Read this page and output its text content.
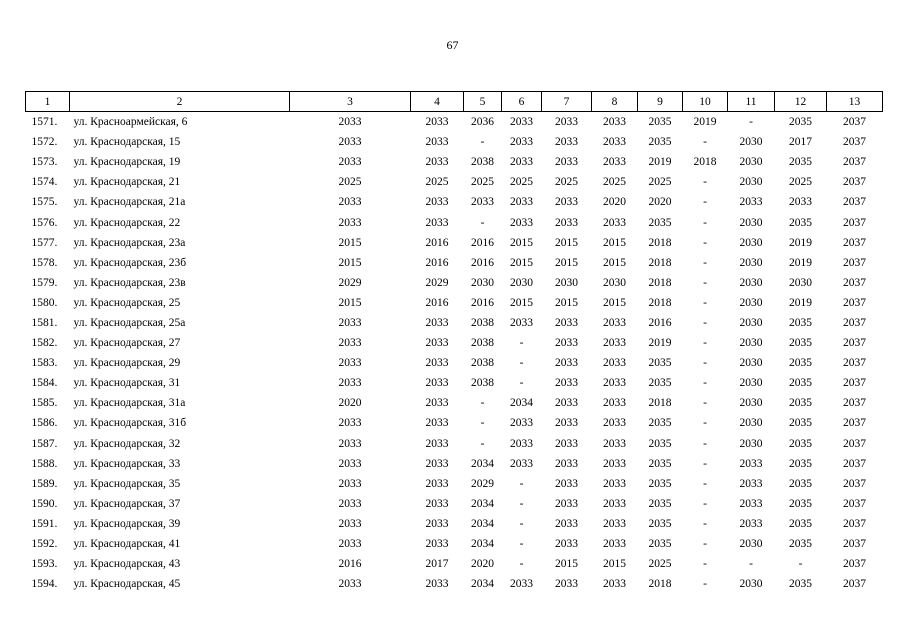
67
1	2	3	4	5	6	7	8	9	10	11	12	13
1571.	ул. Красноармейская, 6	2033	2033	2036	2033	2033	2033	2035	2019	-	2035	2037
1572.	ул. Краснодарская, 15	2033	2033	-	2033	2033	2033	2035	-	2030	2017	2037
1573.	ул. Краснодарская, 19	2033	2033	2038	2033	2033	2033	2019	2018	2030	2035	2037
1574.	ул. Краснодарская, 21	2025	2025	2025	2025	2025	2025	2025	-	2030	2025	2037
1575.	ул. Краснодарская, 21а	2033	2033	2033	2033	2033	2020	2020	-	2033	2033	2037
1576.	ул. Краснодарская, 22	2033	2033	-	2033	2033	2033	2035	-	2030	2035	2037
1577.	ул. Краснодарская, 23а	2015	2016	2016	2015	2015	2015	2018	-	2030	2019	2037
1578.	ул. Краснодарская, 23б	2015	2016	2016	2015	2015	2015	2018	-	2030	2019	2037
1579.	ул. Краснодарская, 23в	2029	2029	2030	2030	2030	2030	2018	-	2030	2030	2037
1580.	ул. Краснодарская, 25	2015	2016	2016	2015	2015	2015	2018	-	2030	2019	2037
1581.	ул. Краснодарская, 25а	2033	2033	2038	2033	2033	2033	2016	-	2030	2035	2037
1582.	ул. Краснодарская, 27	2033	2033	2038	-	2033	2033	2019	-	2030	2035	2037
1583.	ул. Краснодарская, 29	2033	2033	2038	-	2033	2033	2035	-	2030	2035	2037
1584.	ул. Краснодарская, 31	2033	2033	2038	-	2033	2033	2035	-	2030	2035	2037
1585.	ул. Краснодарская, 31а	2020	2033	-	2034	2033	2033	2018	-	2030	2035	2037
1586.	ул. Краснодарская, 31б	2033	2033	-	2033	2033	2033	2035	-	2030	2035	2037
1587.	ул. Краснодарская, 32	2033	2033	-	2033	2033	2033	2035	-	2030	2035	2037
1588.	ул. Краснодарская, 33	2033	2033	2034	2033	2033	2033	2035	-	2033	2035	2037
1589.	ул. Краснодарская, 35	2033	2033	2029	-	2033	2033	2035	-	2033	2035	2037
1590.	ул. Краснодарская, 37	2033	2033	2034	-	2033	2033	2035	-	2033	2035	2037
1591.	ул. Краснодарская, 39	2033	2033	2034	-	2033	2033	2035	-	2033	2035	2037
1592.	ул. Краснодарская, 41	2033	2033	2034	-	2033	2033	2035	-	2030	2035	2037
1593.	ул. Краснодарская, 43	2016	2017	2020	-	2015	2015	2025	-	-	-	2037
1594.	ул. Краснодарская, 45	2033	2033	2034	2033	2033	2033	2018	-	2030	2035	2037
